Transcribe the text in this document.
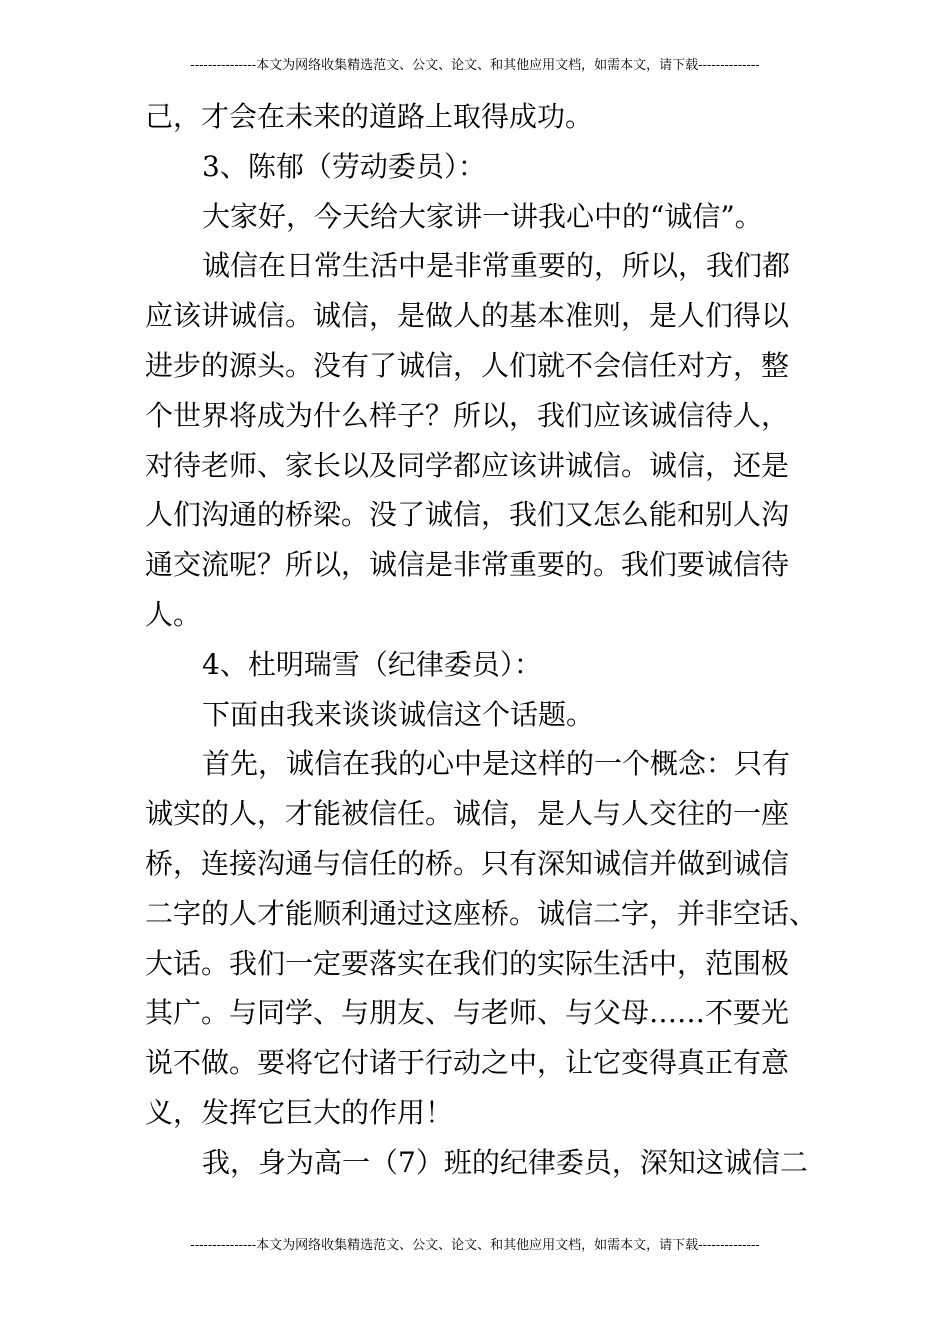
---------------本文为网络收集精选范文、公文、论文、和其他应用文档，如需本文，请下载--------------
己，才会在未来的道路上取得成功。
3、陈郁（劳动委员）：
大家好，今天给大家讲一讲我心中的“诚信”。
诚信在日常生活中是非常重要的，所以，我们都
应该讲诚信。诚信，是做人的基本准则，是人们得以
进步的源头。没有了诚信，人们就不会信任对方，整
个世界将成为什么样子？所以，我们应该诚信待人，
对待老师、家长以及同学都应该讲诚信。诚信，还是
人们沟通的桥梁。没了诚信，我们又怎么能和别人沟
通交流呢？所以，诚信是非常重要的。我们要诚信待
人。
4、杜明瑞雪（纪律委员）：
下面由我来谈谈诚信这个话题。
首先，诚信在我的心中是这样的一个概念：只有
诚实的人，才能被信任。诚信，是人与人交往的一座
桥，连接沟通与信任的桥。只有深知诚信并做到诚信
二字的人才能顺利通过这座桥。诚信二字，并非空话、
大话。我们一定要落实在我们的实际生活中，范围极
其广。与同学、与朋友、与老师、与父母……不要光
说不做。要将它付诸于行动之中，让它变得真正有意
义，发挥它巨大的作用！
我，身为高一（7）班的纪律委员，深知这诚信二
---------------本文为网络收集精选范文、公文、论文、和其他应用文档，如需本文，请下载--------------
